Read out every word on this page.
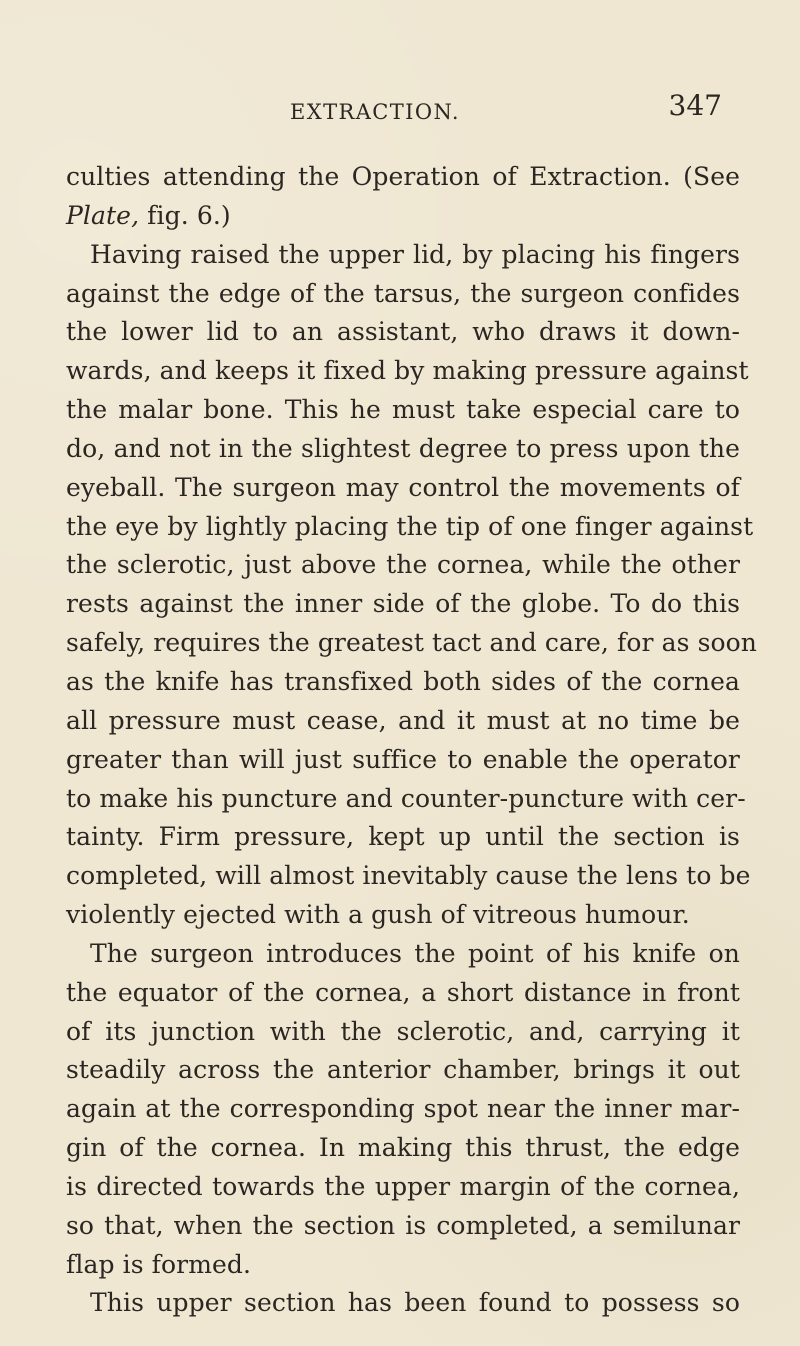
EXTRACTION.	347
culties attending the Operation of Extraction. (See
Plate, fig. 6.)
Having raised the upper lid, by placing his fingers
against the edge of the tarsus, the surgeon confides
the lower lid to an assistant, who draws it down-
wards, and keeps it fixed by making pressure against
the malar bone. This he must take especial care to
do, and not in the slightest degree to press upon the
eyeball. The surgeon may control the movements of
the eye by lightly placing the tip of one finger against
the sclerotic, just above the cornea, while the other
rests against the inner side of the globe. To do this
safely, requires the greatest tact and care, for as soon
as the knife has transfixed both sides of the cornea
all pressure must cease, and it must at no time be
greater than will just suffice to enable the operator
to make his puncture and counter-puncture with cer-
tainty. Firm pressure, kept up until the section is
completed, will almost inevitably cause the lens to be
violently ejected with a gush of vitreous humour.
The surgeon introduces the point of his knife on
the equator of the cornea, a short distance in front
of its junction with the sclerotic, and, carrying it
steadily across the anterior chamber, brings it out
again at the corresponding spot near the inner mar-
gin of the cornea. In making this thrust, the edge
is directed towards the upper margin of the cornea,
so that, when the section is completed, a semilunar
flap is formed.
This upper section has been found to possess so
